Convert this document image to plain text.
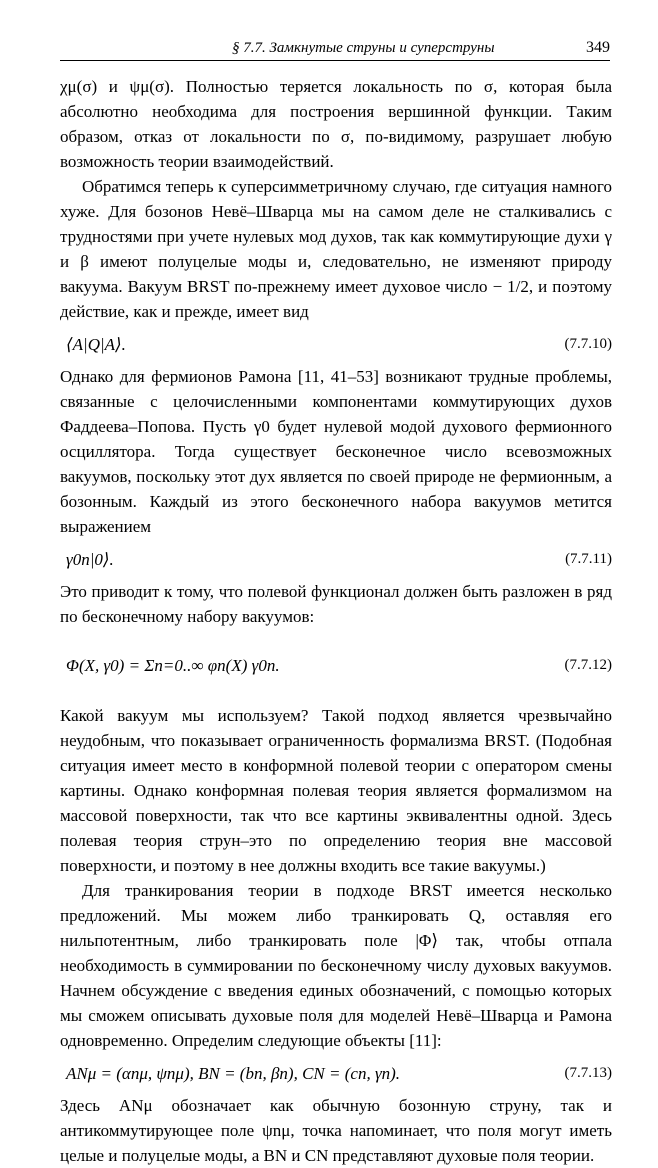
§ 7.7. Замкнутые струны и суперструны	349

χμ(σ) и ψμ(σ). Полностью теряется локальность по σ, которая была абсолютно необходима для построения вершинной функции. Таким образом, отказ от локальности по σ, по-видимому, разрушает любую возможность теории взаимодействий.

Обратимся теперь к суперсимметричному случаю, где ситуация намного хуже. Для бозонов Невё–Шварца мы на самом деле не сталкивались с трудностями при учете нулевых мод духов, так как коммутирующие духи γ и β имеют полуцелые моды и, следовательно, не изменяют природу вакуума. Вакуум BRST по-прежнему имеет духовое число − 1/2, и поэтому действие, как и прежде, имеет вид

⟨A|Q|A⟩.	(7.7.10)

Однако для фермионов Рамона [11, 41–53] возникают трудные проблемы, связанные с целочисленными компонентами коммутирующих духов Фаддеева–Попова. Пусть γ0 будет нулевой модой духового фермионного осциллятора. Тогда существует бесконечное число всевозможных вакуумов, поскольку этот дух является по своей природе не фермионным, а бозонным. Каждый из этого бесконечного набора вакуумов метится выражением

γ0n|0⟩.	(7.7.11)

Это приводит к тому, что полевой функционал должен быть разложен в ряд по бесконечному набору вакуумов:

Φ(X, γ0) = Σn=0..∞ φn(X) γ0n.	(7.7.12)

Какой вакуум мы используем? Такой подход является чрезвычайно неудобным, что показывает ограниченность формализма BRST. (Подобная ситуация имеет место в конформной полевой теории с оператором смены картины. Однако конформная полевая теория является формализмом на массовой поверхности, так что все картины эквивалентны одной. Здесь полевая теория струн–это по определению теория вне массовой поверхности, и поэтому в нее должны входить все такие вакуумы.)

Для транкирования теории в подходе BRST имеется несколько предложений. Мы можем либо транкировать Q, оставляя его нильпотентным, либо транкировать поле |Φ⟩ так, чтобы отпала необходимость в суммировании по бесконечному числу духовых вакуумов. Начнем обсуждение с введения единых обозначений, с помощью которых мы сможем описывать духовые поля для моделей Невё–Шварца и Рамона одновременно. Определим следующие объекты [11]:

ANμ = (αnμ, ψnμ), BN = (bn, βn), CN = (cn, γn).	(7.7.13)

Здесь ANμ обозначает как обычную бозонную струну, так и антикоммутирующее поле ψnμ, точка напоминает, что поля могут иметь целые и полуцелые моды, а BN и CN представляют духовые поля теории.
